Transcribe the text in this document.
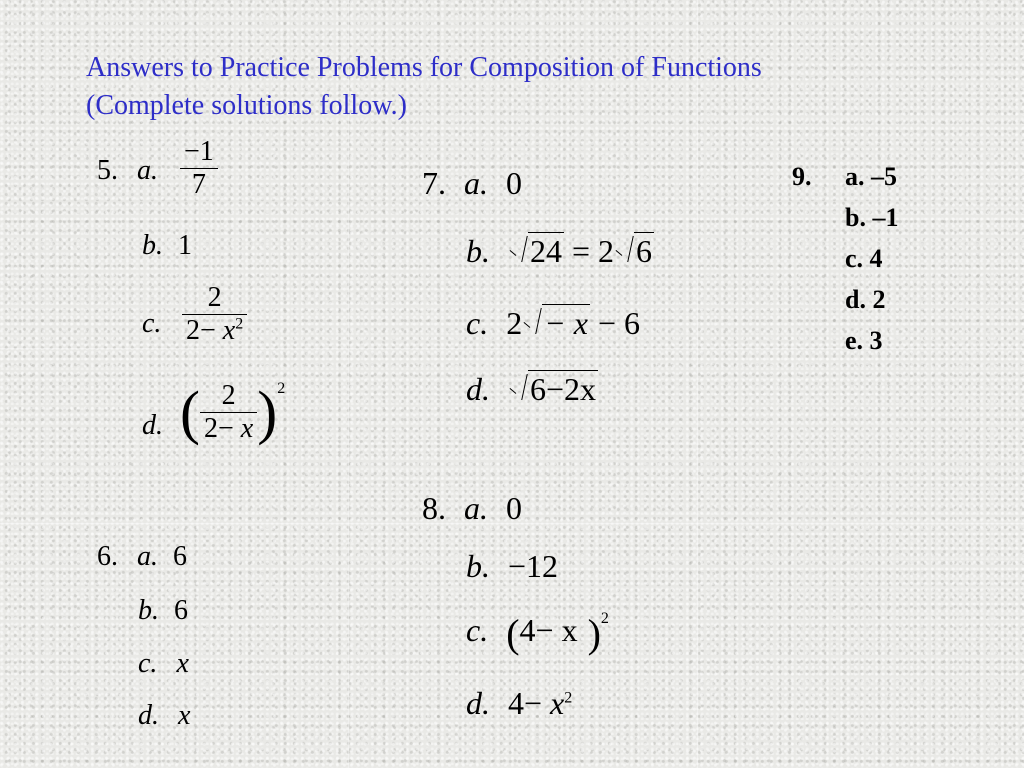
Answers to Practice Problems for Composition of Functions
(Complete solutions follow.)
5. a. $\frac{-1}{7}$
b. 1
c. $\frac{2}{2- x^2}$
d. ( $\frac{2}{2- x} )^2$
6. a. 6
b. 6
c. x
d. x
7. a. 0
b. 24 = 2 6
c. 2 − x − 6
d. 6−2x
8. a. 0
b. −12
c. (4− x )$^2$
d. $4- x^2$
9. a. –5
b. –1
c. 4
d. 2
e. 3
